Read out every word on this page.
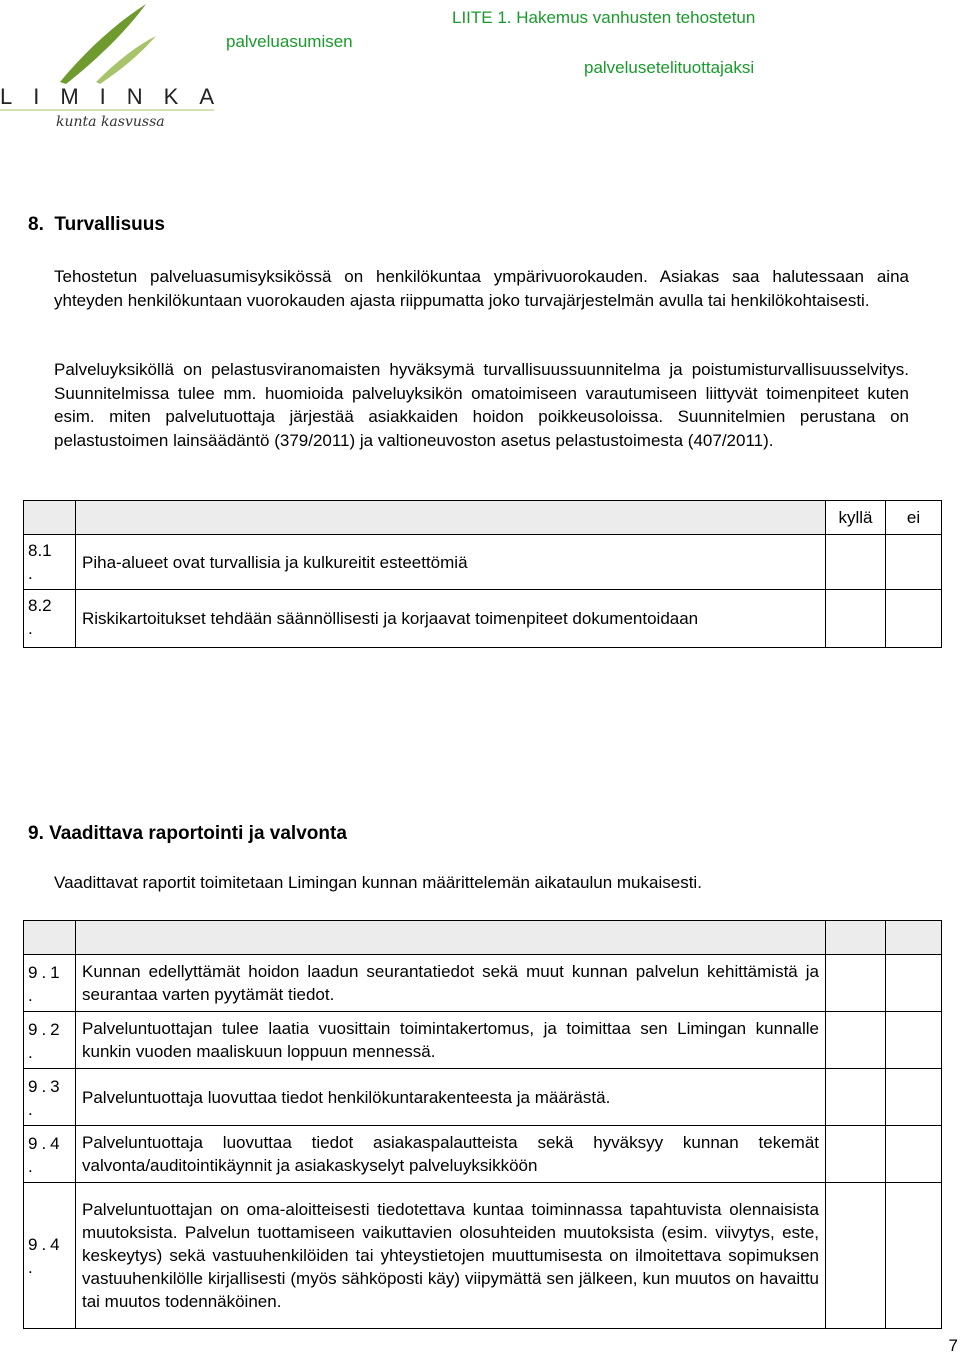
L I M I N K A
kunta kasvussa
palveluasumisen
LIITE 1. Hakemus vanhusten tehostetun
palvelusetelituottajaksi
8.  Turvallisuus

Tehostetun palveluasumisyksikössä on henkilökuntaa ympärivuorokauden. Asiakas saa halutessaan aina yhteyden henkilökuntaan vuorokauden ajasta riippumatta joko turvajärjestelmän avulla tai henkilökohtaisesti.

Palveluyksiköllä on pelastusviranomaisten hyväksymä turvallisuussuunnitelma ja poistumisturvallisuusselvitys. Suunnitelmissa tulee mm. huomioida palveluyksikön omatoimiseen varautumiseen liittyvät toimenpiteet kuten esim. miten palvelutuottaja järjestää asiakkaiden hoidon poikkeusoloissa. Suunnitelmien perustana on pelastustoimen lainsäädäntö (379/2011) ja valtioneuvoston asetus pelastustoimesta (407/2011).

		kyllä	ei
8.1
.	Piha-alueet ovat turvallisia ja kulkureitit esteettömiä		
8.2
.	Riskikartoitukset tehdään säännöllisesti ja korjaavat toimenpiteet dokumentoidaan		
9. Vaadittava raportointi ja valvonta
Vaadittavat raportit toimitetaan Limingan kunnan määrittelemän aikataulun mukaisesti.

9.1
.	Kunnan edellyttämät hoidon laadun seurantatiedot sekä muut kunnan palvelun kehittämistä ja seurantaa varten pyytämät tiedot.		
9.2
.	Palveluntuottajan tulee laatia vuosittain toimintakertomus, ja toimittaa sen Limingan kunnalle kunkin vuoden maaliskuun loppuun mennessä.		
9.3
.	Palveluntuottaja luovuttaa tiedot henkilökuntarakenteesta ja määrästä.		
9.4
.	Palveluntuottaja luovuttaa tiedot asiakaspalautteista sekä hyväksyy kunnan tekemät valvonta/auditointikäynnit ja asiakaskyselyt palveluyksikköön		
9.4
.	Palveluntuottajan on oma-aloitteisesti tiedotettava kuntaa toiminnassa tapahtuvista olennaisista muutoksista. Palvelun tuottamiseen vaikuttavien olosuhteiden muutoksista (esim. viivytys, este, keskeytys) sekä vastuuhenkilöiden tai yhteystietojen muuttumisesta on ilmoitettava sopimuksen vastuuhenkilölle kirjallisesti (myös sähköposti käy) viipymättä sen jälkeen, kun muutos on havaittu tai muutos todennäköinen.		
7
